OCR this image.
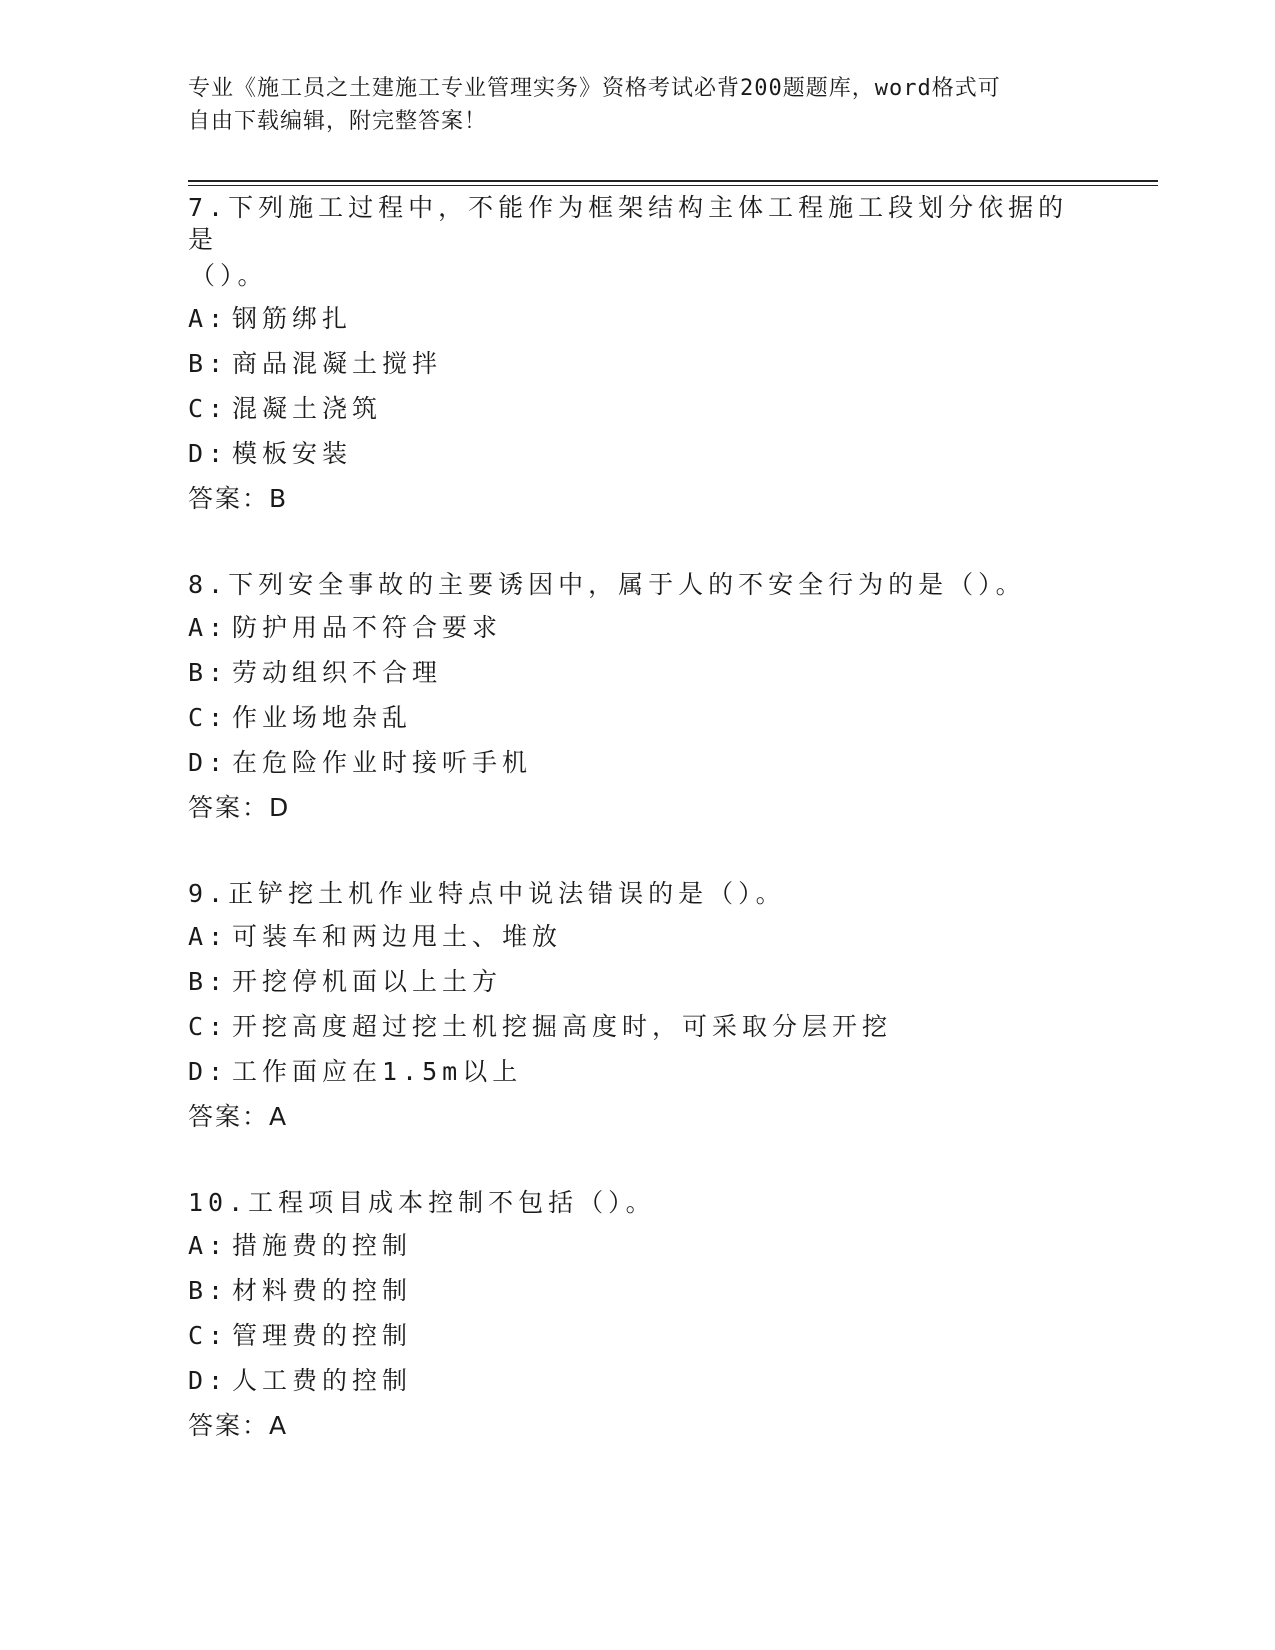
专业《施工员之土建施工专业管理实务》资格考试必背200题题库，word格式可
自由下载编辑，附完整答案！
7.下列施工过程中，不能作为框架结构主体工程施工段划分依据的是
（）。
A: 钢筋绑扎
B: 商品混凝土搅拌
C: 混凝土浇筑
D: 模板安装
答案：B
8.下列安全事故的主要诱因中，属于人的不安全行为的是（）。
A: 防护用品不符合要求
B: 劳动组织不合理
C: 作业场地杂乱
D: 在危险作业时接听手机
答案：D
9.正铲挖土机作业特点中说法错误的是（）。
A: 可装车和两边甩土、堆放
B: 开挖停机面以上土方
C: 开挖高度超过挖土机挖掘高度时，可采取分层开挖
D: 工作面应在1.5m以上
答案：A
10.工程项目成本控制不包括（）。
A: 措施费的控制
B: 材料费的控制
C: 管理费的控制
D: 人工费的控制
答案：A
